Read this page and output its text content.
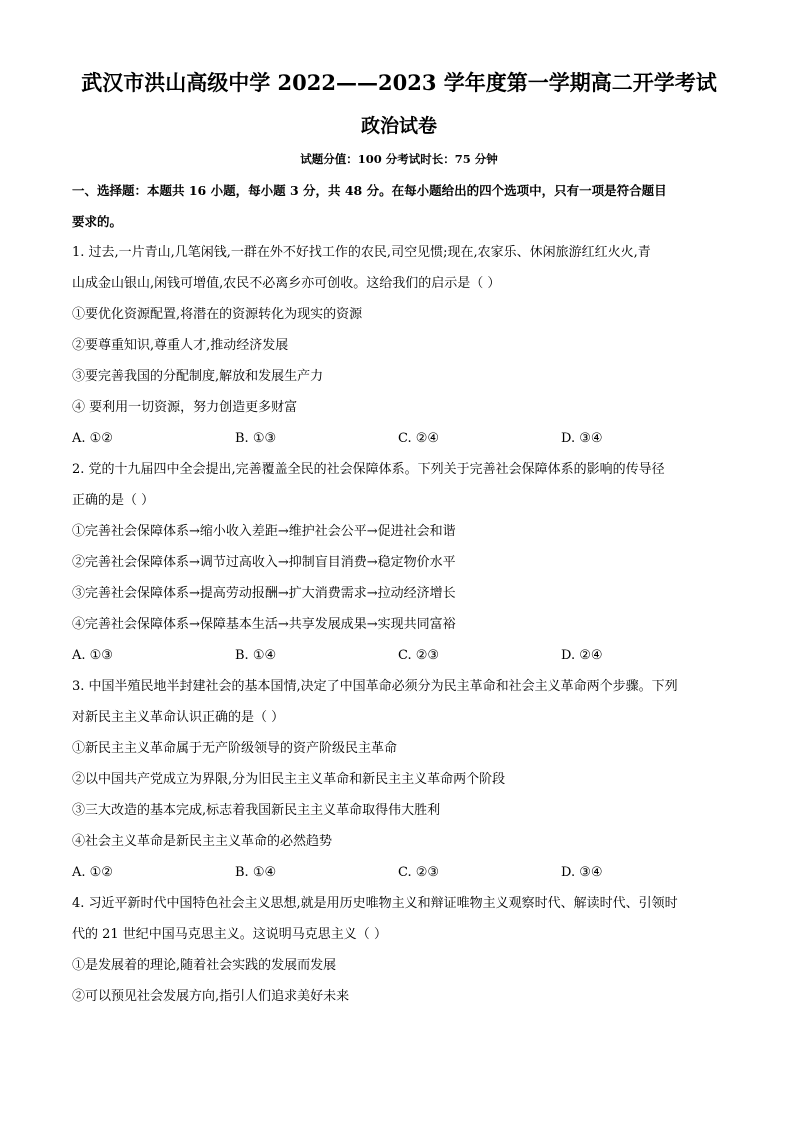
武汉市洪山高级中学 2022——2023 学年度第一学期高二开学考试
政治试卷
试题分值：100 分考试时长：75 分钟
一、选择题：本题共 16 小题，每小题 3 分，共 48 分。在每小题给出的四个选项中，只有一项是符合题目
要求的。
1. 过去,一片青山,几笔闲钱,一群在外不好找工作的农民,司空见惯;现在,农家乐、休闲旅游红红火火,青
山成金山银山,闲钱可增值,农民不必离乡亦可创收。这给我们的启示是（ ）
①要优化资源配置,将潜在的资源转化为现实的资源
②要尊重知识,尊重人才,推动经济发展
③要完善我国的分配制度,解放和发展生产力
④ 要利用一切资源，努力创造更多财富
A. ①②	B. ①③	C. ②④	D. ③④
2. 党的十九届四中全会提出,完善覆盖全民的社会保障体系。下列关于完善社会保障体系的影响的传导径
正确的是（ ）
①完善社会保障体系→缩小收入差距→维护社会公平→促进社会和谐
②完善社会保障体系→调节过高收入→抑制盲目消费→稳定物价水平
③完善社会保障体系→提高劳动报酬→扩大消费需求→拉动经济增长
④完善社会保障体系→保障基本生活→共享发展成果→实现共同富裕
A. ①③	B. ①④	C. ②③	D. ②④
3. 中国半殖民地半封建社会的基本国情,决定了中国革命必须分为民主革命和社会主义革命两个步骤。下列
对新民主主义革命认识正确的是（ ）
①新民主主义革命属于无产阶级领导的资产阶级民主革命
②以中国共产党成立为界限,分为旧民主主义革命和新民主主义革命两个阶段
③三大改造的基本完成,标志着我国新民主主义革命取得伟大胜利
④社会主义革命是新民主主义革命的必然趋势
A. ①②	B. ①④	C. ②③	D. ③④
4. 习近平新时代中国特色社会主义思想,就是用历史唯物主义和辩证唯物主义观察时代、解读时代、引领时
代的 21 世纪中国马克思主义。这说明马克思主义（ ）
①是发展着的理论,随着社会实践的发展而发展
②可以预见社会发展方向,指引人们追求美好未来
